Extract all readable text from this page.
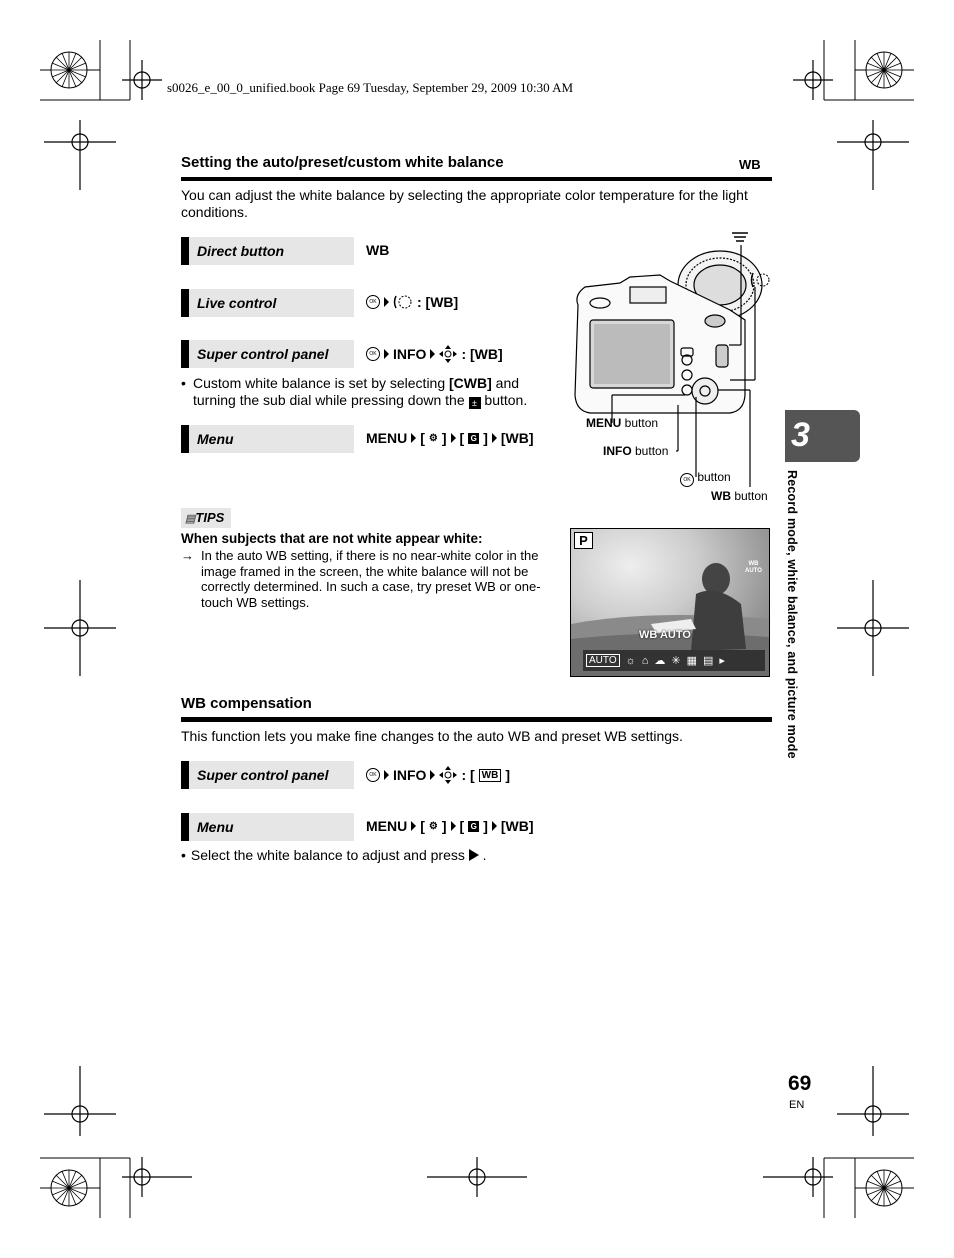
s0026_e_00_0_unified.book Page 69 Tuesday, September 29, 2009 10:30 AM
Setting the auto/preset/custom white balance	WB
You can adjust the white balance by selecting the appropriate color temperature for the light conditions.
Direct button	WB
Live control	OK	: [WB]
Super control panel	OK INFO	: [WB]
• Custom white balance is set by selecting [CWB] and turning the sub dial while pressing down the ± button.
Menu	MENU [ ⚙ ] [ G ] [WB]
MENU button
INFO button
OK button
WB button
▤TIPS
When subjects that are not white appear white:
→ In the auto WB setting, if there is no near-white color in the image framed in the screen, the white balance will not be correctly determined. In such a case, try preset WB or one-touch WB settings.
P
WB
AUTO
WB AUTO
AUTO ☼ ⌂ ☁ ✳ ▦ ▤ ▸
WB compensation
This function lets you make fine changes to the auto WB and preset WB settings.
Super control panel	OK INFO	: [ WB ]
Menu	MENU [ ⚙ ] [ G ] [WB]
• Select the white balance to adjust and press  .
3
Record mode, white balance, and picture mode
69
EN
